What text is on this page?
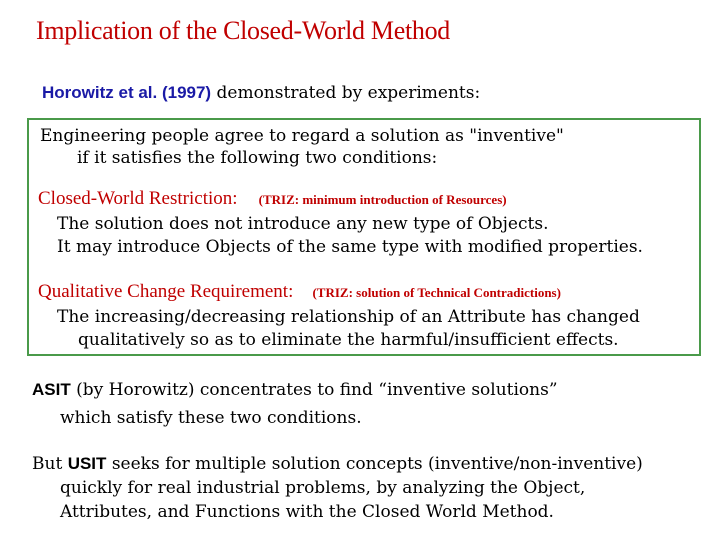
Implication of the Closed-World Method
Horowitz et al. (1997) demonstrated by experiments:
Engineering people agree to regard a solution as "inventive"
if it satisfies the following two conditions:
Closed-World Restriction: (TRIZ: minimum introduction of Resources)
The solution does not introduce any new type of Objects.
It may introduce Objects of the same type with modified properties.
Qualitative Change Requirement: (TRIZ: solution of Technical Contradictions)
The increasing/decreasing relationship of an Attribute has changed
qualitatively so as to eliminate the harmful/insufficient effects.
ASIT (by Horowitz) concentrates to find “inventive solutions”
which satisfy these two conditions.
But USIT seeks for multiple solution concepts (inventive/non-inventive)
quickly for real industrial problems, by analyzing the Object,
Attributes, and Functions with the Closed World Method.
